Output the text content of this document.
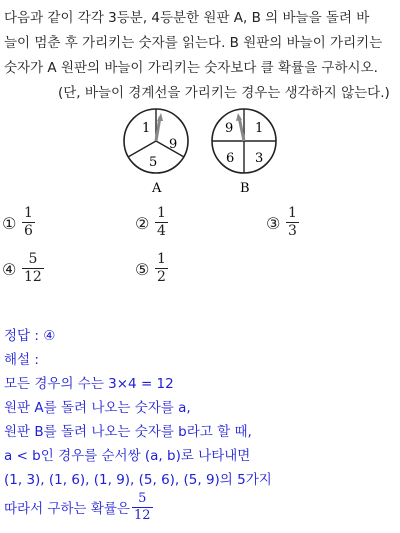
다음과 같이 각각 3등분, 4등분한 원판 A, B 의 바늘을 돌려 바
늘이 멈춘 후 가리키는 숫자를 읽는다. B 원판의 바늘이 가리키는
숫자가 A 원판의 바늘이 가리키는 숫자보다 클 확률을 구하시오.
(단, 바늘이 경계선을 가리키는 경우는 생각하지 않는다.)
1
9
5
A
9 1
6 3
B
① $\frac{1}{6}$	② $\frac{1}{4}$	③ $\frac{1}{3}$
④ $\frac{5}{12}$	⑤ $\frac{1}{2}$
정답 : ④
해설 :
모든 경우의 수는 3×4 = 12
원판 A를 돌려 나오는 숫자를 a,
원판 B를 돌려 나오는 숫자를 b라고 할 때,
a < b인 경우를 순서쌍 (a, b)로 나타내면
(1, 3), (1, 6), (1, 9), (5, 6), (5, 9)의 5가지
따라서 구하는 확률은 $\frac{5}{12}$
